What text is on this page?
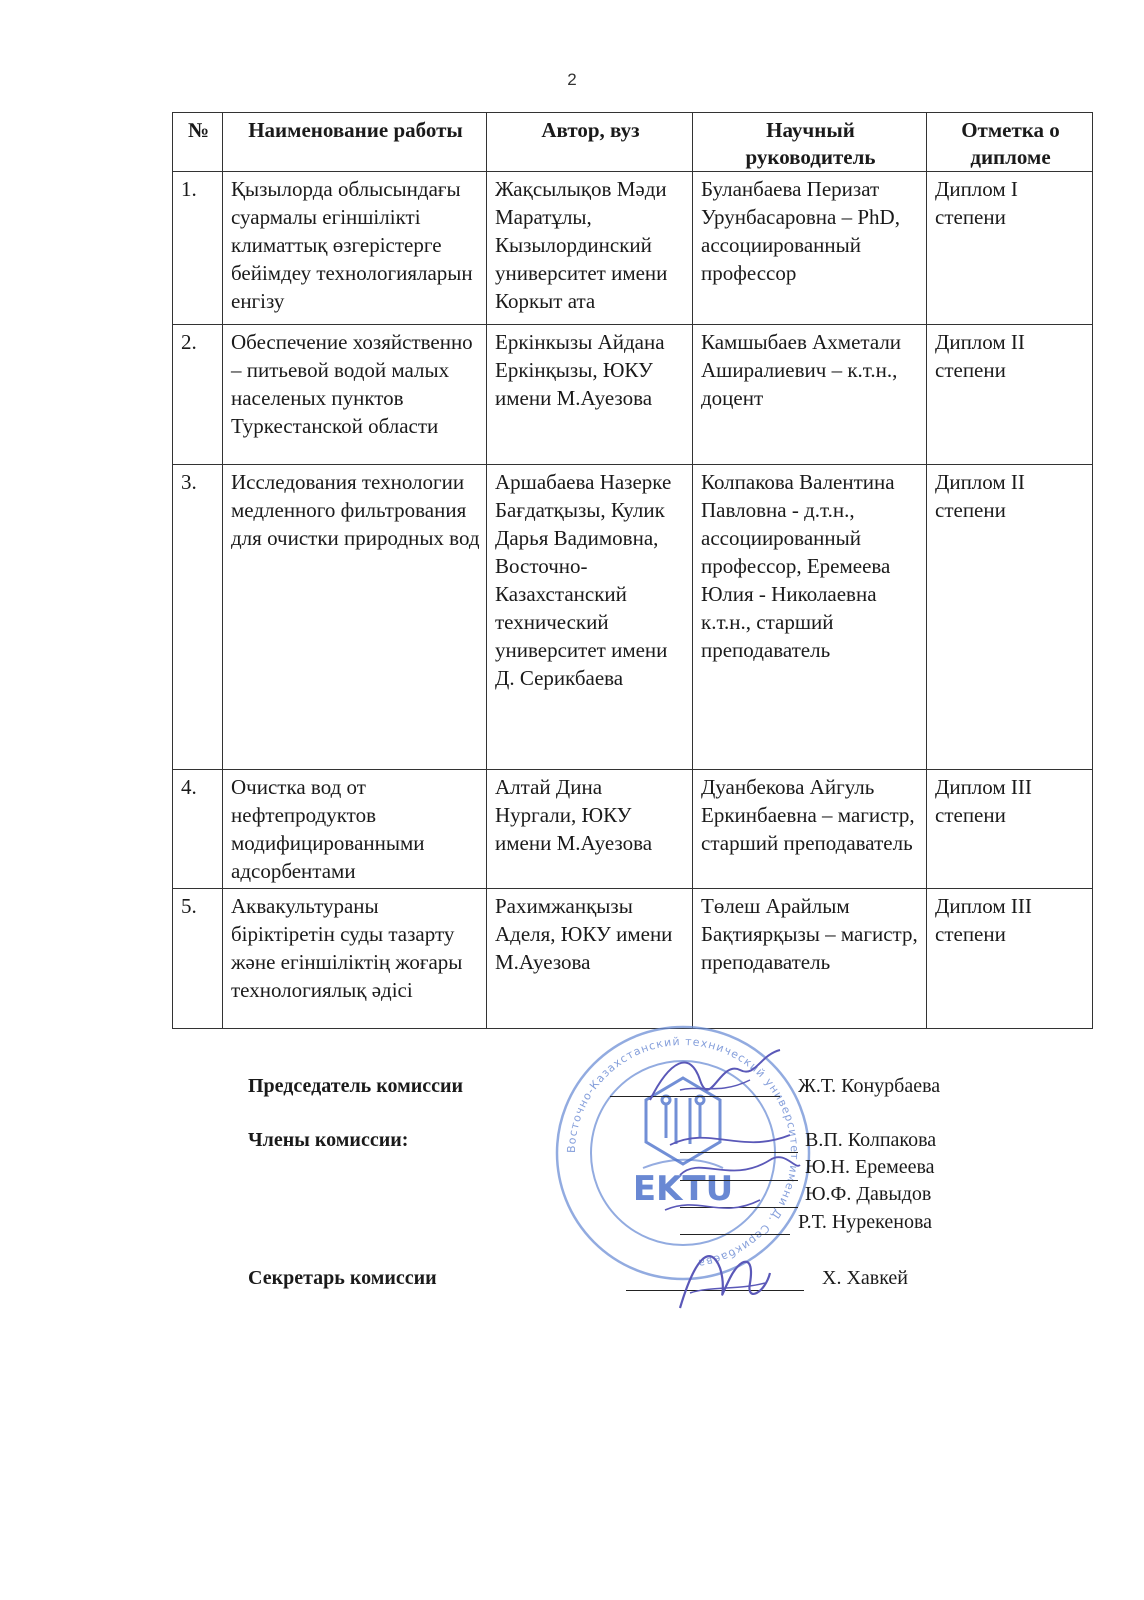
2
№	Наименование работы	Автор, вуз	Научный руководитель	Отметка о дипломе
1.	Қызылорда облысындағы суармалы егіншілікті климаттық өзгерістерге бейімдеу технологияларын енгізу	Жақсылықов Мәди Маратұлы, Кызылординский университет имени Коркыт ата	Буланбаева Перизат Урунбасаровна – PhD, ассоциированный профессор	Диплом I степени
2.	Обеспечение хозяйственно – питьевой водой малых населеных пунктов Туркестанской области	Еркінкызы Айдана Еркінқызы, ЮКУ имени М.Ауезова	Камшыбаев Ахметали Аширалиевич – к.т.н., доцент	Диплом II степени
3.	Исследования технологии медленного фильтрования для очистки природных вод	Аршабаева Назерке Бағдатқызы, Кулик Дарья Вадимовна, Восточно-Казахстанский технический университет имени Д. Серикбаева	Колпакова Валентина Павловна - д.т.н., ассоциированный профессор, Еремеева Юлия - Николаевна к.т.н., старший преподаватель	Диплом II степени
4.	Очистка вод от нефтепродуктов модифицированными адсорбентами	Алтай Дина Нургали, ЮКУ имени М.Ауезова	Дуанбекова Айгуль Еркинбаевна – магистр, старший преподаватель	Диплом III степени
5.	Аквакультураны біріктіретін суды тазарту және егіншіліктің жоғары технологиялық әдісі	Рахимжанқызы Аделя, ЮКУ имени М.Ауезова	Төлеш Арайлым Бақтиярқызы – магистр, преподаватель	Диплом III степени
Восточно-Казахстанский технический университет имени Д. Серикбаева
EKTU
Председатель комиссии	Ж.Т. Конурбаева
Члены комиссии:	В.П. Колпакова
Ю.Н. Еремеева
Ю.Ф. Давыдов
Р.Т. Нурекенова
Секретарь комиссии	Х. Хавкей
